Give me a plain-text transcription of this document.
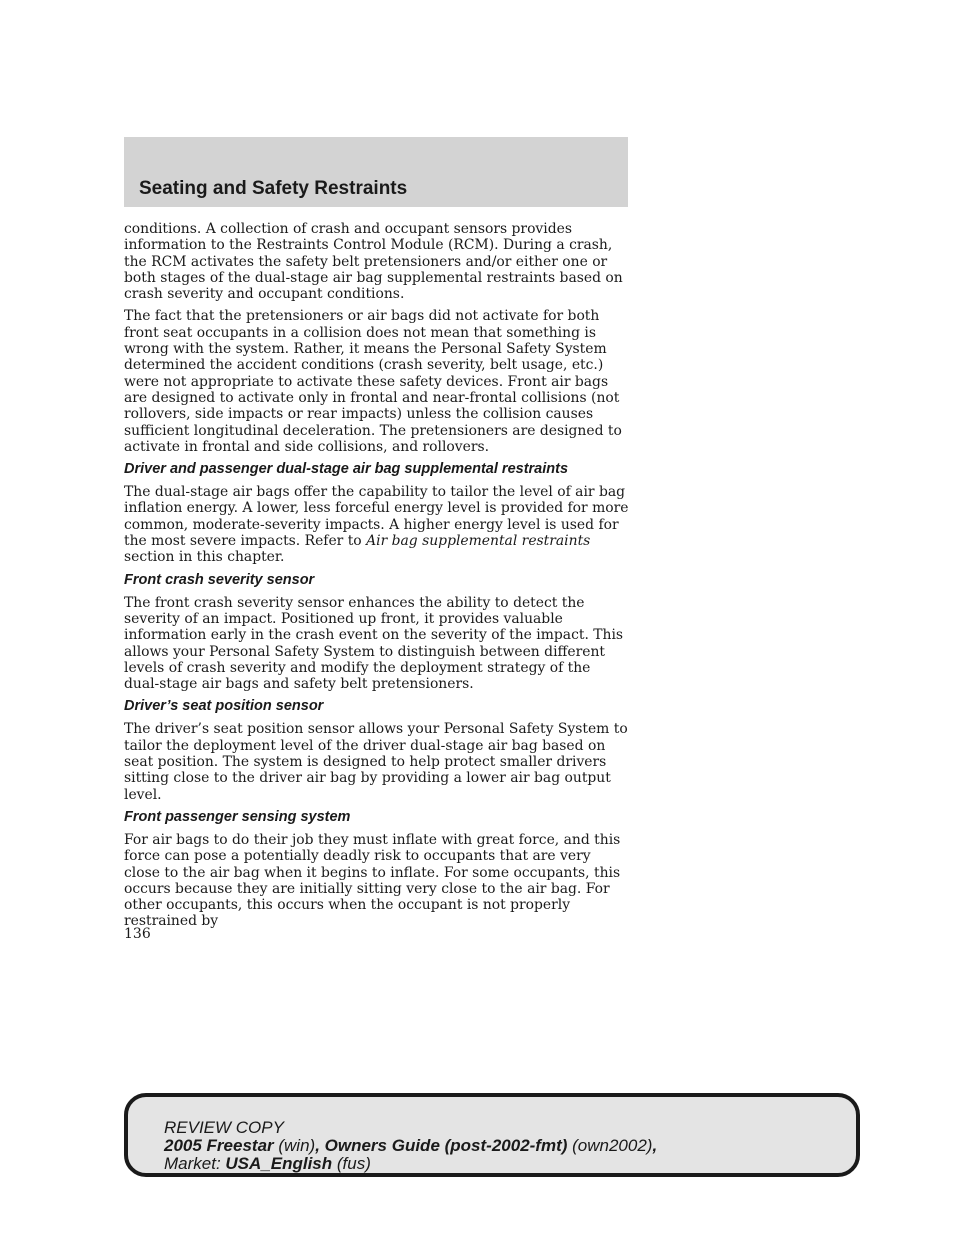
Seating and Safety Restraints

conditions. A collection of crash and occupant sensors provides information to the Restraints Control Module (RCM). During a crash, the RCM activates the safety belt pretensioners and/or either one or both stages of the dual-stage air bag supplemental restraints based on crash severity and occupant conditions.

The fact that the pretensioners or air bags did not activate for both front seat occupants in a collision does not mean that something is wrong with the system. Rather, it means the Personal Safety System determined the accident conditions (crash severity, belt usage, etc.) were not appropriate to activate these safety devices. Front air bags are designed to activate only in frontal and near-frontal collisions (not rollovers, side impacts or rear impacts) unless the collision causes sufficient longitudinal deceleration. The pretensioners are designed to activate in frontal and side collisions, and rollovers.

Driver and passenger dual-stage air bag supplemental restraints

The dual-stage air bags offer the capability to tailor the level of air bag inflation energy. A lower, less forceful energy level is provided for more common, moderate-severity impacts. A higher energy level is used for the most severe impacts. Refer to Air bag supplemental restraints section in this chapter.

Front crash severity sensor

The front crash severity sensor enhances the ability to detect the severity of an impact. Positioned up front, it provides valuable information early in the crash event on the severity of the impact. This allows your Personal Safety System to distinguish between different levels of crash severity and modify the deployment strategy of the dual-stage air bags and safety belt pretensioners.

Driver’s seat position sensor

The driver’s seat position sensor allows your Personal Safety System to tailor the deployment level of the driver dual-stage air bag based on seat position. The system is designed to help protect smaller drivers sitting close to the driver air bag by providing a lower air bag output level.

Front passenger sensing system

For air bags to do their job they must inflate with great force, and this force can pose a potentially deadly risk to occupants that are very close to the air bag when it begins to inflate. For some occupants, this occurs because they are initially sitting very close to the air bag. For other occupants, this occurs when the occupant is not properly restrained by

136
REVIEW COPY
2005 Freestar (win), Owners Guide (post-2002-fmt) (own2002),
Market: USA_English (fus)
